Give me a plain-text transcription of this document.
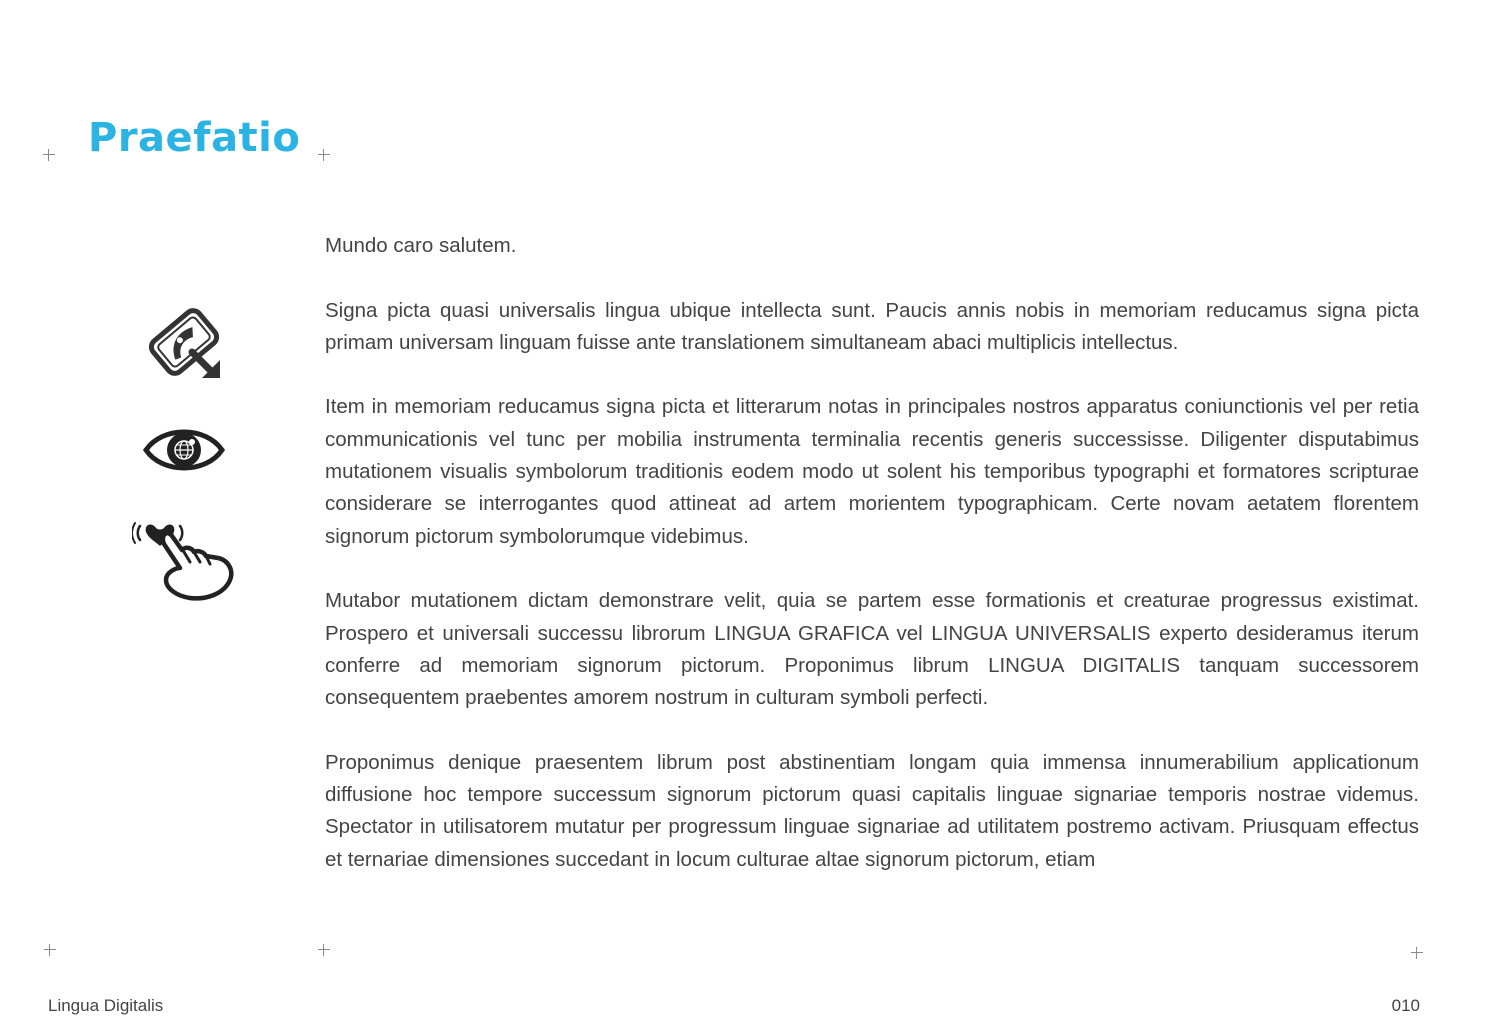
Praefatio

Mundo caro salutem.

Signa picta quasi universalis lingua ubique intellecta sunt. Paucis annis nobis in memoriam reducamus signa picta primam universam linguam fuisse ante translationem simultaneam abaci multiplicis intellectus.

Item in memoriam reducamus signa picta et litterarum notas in principales nostros apparatus coniunctionis vel per retia communicationis vel tunc per mobilia instrumenta terminalia recentis generis successisse. Diligenter disputabimus mutationem visualis symbolorum traditionis eodem modo ut solent his temporibus typographi et formatores scripturae considerare se interrogantes quod attineat ad artem morientem typographicam. Certe novam aetatem florentem signorum pictorum symbolorumque videbimus.

Mutabor mutationem dictam demonstrare velit, quia se partem esse formationis et creaturae progressus existimat. Prospero et universali successu librorum LINGUA GRAFICA vel LINGUA UNIVERSALIS experto desideramus iterum conferre ad memoriam signorum pictorum. Proponimus librum LINGUA DIGITALIS tanquam successorem consequentem praebentes amorem nostrum in culturam symboli perfecti.

Proponimus denique praesentem librum post abstinentiam longam quia immensa innumerabilium applicationum diffusione hoc tempore successum signorum pictorum quasi capitalis linguae signariae temporis nostrae videmus. Spectator in utilisatorem mutatur per progressum linguae signariae ad utilitatem postremo activam. Priusquam effectus et ternariae dimensiones succedant in locum culturae altae signorum pictorum, etiam

Lingua Digitalis	010
